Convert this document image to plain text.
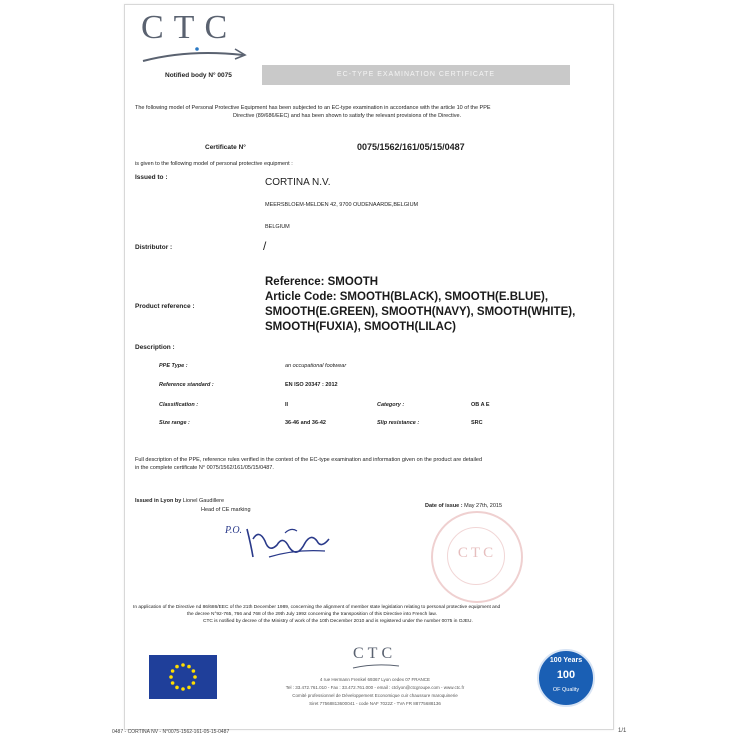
CTC
Notified body N° 0075	EC-TYPE EXAMINATION CERTIFICATE
The following model of Personal Protective Equipment has been subjected to an EC-type examination in accordance with the article 10 of the PPE
Directive (89/686/EEC) and has been shown to satisfy the relevant provisions of the Directive.
Certificate N°	0075/1562/161/05/15/0487
is given to the following model of personal protective equipment :
Issued to :	CORTINA N.V.
MEERSBLOEM-MELDEN 42, 9700 OUDENAARDE,BELGIUM
BELGIUM
Distributor :	/
Product reference :
Reference: SMOOTH
Article Code: SMOOTH(BLACK), SMOOTH(E.BLUE),
SMOOTH(E.GREEN), SMOOTH(NAVY), SMOOTH(WHITE),
SMOOTH(FUXIA), SMOOTH(LILAC)
Description :
PPE Type :	an occupational footwear
Reference standard :	EN ISO 20347 : 2012
Classification :	II	Category :	OB A E
Size range :	36-46 and 36-42	Slip resistance :	SRC
Full description of the PPE, reference rules verified in the context of the EC-type examination and information given on the product are detailed
in the complete certificate N° 0075/1562/161/05/15/0487.
Issued in Lyon by Lionel Gaudillere
Head of CE marking
Date of issue : May 27th, 2015
P.O.
CTC
In application of the Directive nd 86/686/EEC of the 21th December 1989, concerning the alignment of member state legislation relating to personal protective equipment and
the decree N°92-765, 766 and 768 of the 29th July 1992 concerning the transposition of this Directive into French law.
CTC is notified by decree of the Ministry of work of the 10th December 2010 and is registered under the number 0075 in OJEU.
CTC
4 rue Hermann Frenkel 69367 Lyon cedex 07 FRANCE
Tel : 33.472.761.010 - Fax : 33.472.761.000 - email : ctclyon@ctcgroupe.com - www.ctc.fr
Comité professionnel de Développement Economique cuir chaussure maroquinerie
Siret 77568813600041 - code NAF 7022Z - TVA FR 88775688136
100 Years
100
OF Quality
0487 - CORTINA NV - N°0075-1562-161-05-15-0487	1/1
